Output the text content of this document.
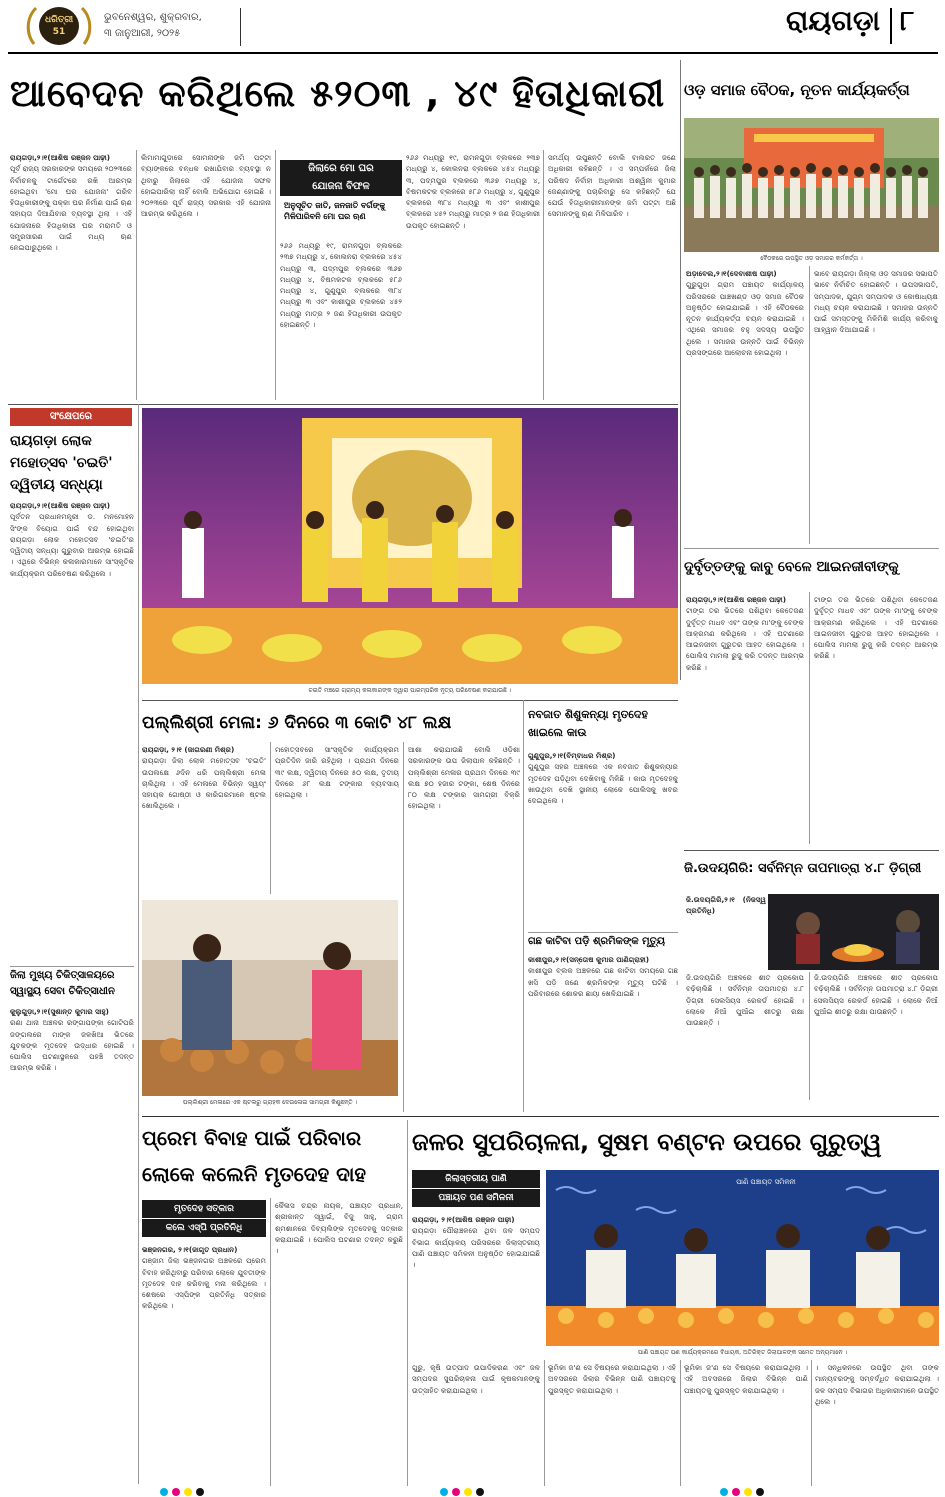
ଧରିତ୍ରୀ 51
ଭୁବନେଶ୍ୱର, ଶୁକ୍ରବାର,
୩ ଜାନୁଆରୀ, ୨୦୨୫	ରାୟଗଡ଼ା ୮
ଆବେଦନ କରିଥିଲେ ୫୨୦୩ , ୪୯ ହିତାଧିକାରୀ
ରାୟଗଡ଼ା,୨।୧(ଆଶିଷ ରଞ୍ଜନ ପାଢ଼ୀ)
ପୂର୍ବ ରାଜ୍ୟ ସରକାରଙ୍କ ସମୟରେ ୨୦୨୩ରେ ନିର୍ବାଚନକୁ ଟାର୍ଗେଟରେ ରଖି ଆରମ୍ଭ ହୋଇଥିବା 'ମୋ ଘର ଯୋଜନା' ଗରିବ ହିତାଧିକାରୀଙ୍କୁ ପକ୍କା ଘର ନିର୍ମାଣ ପାଇଁ ଋଣ ସହାୟତା ଦିଆଯିବାର ବ୍ୟବସ୍ଥା ଥିଲା । ଏହି ଯୋଜନାରେ ହିତାଧିକାରୀ ଘର ମରାମତି ଓ ସମ୍ପ୍ରସାରଣ ପାଇଁ ମଧ୍ୟ ଋଣ ନେଇପାରୁଥିଲେ ।
ଲିମାମାଗୁଡ଼ାରେ ସୋମନାଙ୍କ ଜମି ପଟ୍ଟା ବ୍ୟାଙ୍କରେ ବନ୍ଧକ ରଖାଯିବାର ବ୍ୟବସ୍ଥା ନ ଥିବାରୁ ଜିଲାରେ ଏହି ଯୋଜନା ସଫଳ ହୋଇପାରିଲା ନାହିଁ ବୋଲି ଅଭିଯୋଗ ହୋଇଛି । ୨୦୨୩ରେ ପୂର୍ବ ରାଜ୍ୟ ସରକାର ଏହି ଯୋଜନା ଆରମ୍ଭ କରିଥିଲେ ।
ଜିଲାରେ ମୋ ଘର
ଯୋଜନା ବିଫଳ
ଅନୁସୂଚିତ ଜାତି, ଜନଜାତି ବର୍ଗଙ୍କୁ ମିଳିପାରିବନି ମୋ ଘର ଋଣ
୨୬୬ ମଧ୍ୟରୁ ୧୯, ରାମନଗୁଡ଼ା ବ୍ଲକରେ ୨୩୭ ମଧ୍ୟରୁ ୪, କୋଲନରା ବ୍ଲକରେ ୪୫୪ ମଧ୍ୟରୁ ୩, ପଦ୍ମପୁର ବ୍ଲକରେ ୩୬୭ ମଧ୍ୟରୁ ୪, ବିଷମକଟକ ବ୍ଲକରେ ୫୮୬ ମଧ୍ୟରୁ ୪, ଗୁଣୁପୁର ବ୍ଲକରେ ୩୮୪ ମଧ୍ୟରୁ ୩ ଏବଂ କାଶୀପୁର ବ୍ଲକରେ ୪୫୨ ମଧ୍ୟରୁ ମାତ୍ର ୨ ଜଣ ହିତାଧିକାରୀ ଉପକୃତ ହୋଇଛନ୍ତି ।
୨୬୬ ମଧ୍ୟରୁ ୧୯, ରାମନଗୁଡ଼ା ବ୍ଲକରେ ୨୩୭ ମଧ୍ୟରୁ ୪, କୋଲନରା ବ୍ଲକରେ ୪୫୪ ମଧ୍ୟରୁ ୩, ପଦ୍ମପୁର ବ୍ଲକରେ ୩୬୭ ମଧ୍ୟରୁ ୪, ବିଷମକଟକ ବ୍ଲକରେ ୫୮୬ ମଧ୍ୟରୁ ୪, ଗୁଣୁପୁର ବ୍ଲକରେ ୩୮୪ ମଧ୍ୟରୁ ୩ ଏବଂ କାଶୀପୁର ବ୍ଲକରେ ୪୫୨ ମଧ୍ୟରୁ ମାତ୍ର ୨ ଜଣ ହିତାଧିକାରୀ ଉପକୃତ ହୋଇଛନ୍ତି ।
ସମର୍ଥ୍ୟ ଉପୁଛନ୍ତି ବୋଲି ବାଲରତ ଜଣେ ଅଧିକାରୀ କହିଛନ୍ତି । ଏ ସମ୍ପର୍କରେ ଜିଲା ପରିଷଦ ନିର୍ବାହୀ ଅଧିକାରୀ ଅଶ୍ୱିନୀ କୁମାର ଜେଣ୍ଣାଙ୍କୁ ପଚାରିବାରୁ ସେ କହିଛନ୍ତି ଯେ ଯେଉଁ ହିତାଧିକାରୀମାନଙ୍କ ଜମି ପଟ୍ଟା ଅଛି ସେମାନଙ୍କୁ ଋଣ ମିଳିପାରିବ ।
ଓଡ଼ ସମାଜ ବୈଠକ, ନୂତନ କାର୍ଯ୍ୟକର୍ତ୍ତା
ବୈଠକରେ ଉପସ୍ଥିତ ଓଡ଼ ସମାଜର କର୍ମକର୍ତ୍ତା ।
ଅଡ଼ାବେଲ,୨।୧(ଦେବାଶୀଷ ପାଢ଼ୀ)
ଗୁରୁଗୁଡ଼ା ଗ୍ରାମ ପଞ୍ଚାୟତ କାର୍ଯ୍ୟାଳୟ ପରିସରରେ ପାଞ୍ଚଖଣ୍ଡ ଓଡ଼ ସମାଜ ବୈଠକ ଅନୁଷ୍ଠିତ ହୋଇଯାଇଛି । ଏହି ବୈଠକରେ ନୂତନ କାର୍ଯ୍ୟକର୍ତ୍ତା ଚୟନ କରାଯାଇଛି । ଏଥିରେ ସମାଜର ବହୁ ସଦସ୍ୟ ଉପସ୍ଥିତ ଥିଲେ । ସମାଜର ଉନ୍ନତି ପାଇଁ ବିଭିନ୍ନ ପ୍ରସଙ୍ଗରେ ଆଲୋଚନା ହୋଇଥିଲା ।
ଭାବେ ରାୟଗଡ଼ା ଜିଲ୍ଲା ଓଡ଼ ସମାଜର ସଭାପତି ଭାବେ ନିର୍ବାଚିତ ହୋଇଛନ୍ତି । ଉପସଭାପତି, ସମ୍ପାଦକ, ଯୁଗ୍ମ ସମ୍ପାଦକ ଓ କୋଷାଧ୍ୟକ୍ଷ ମଧ୍ୟ ଚୟନ କରାଯାଇଛି । ସମାଜର ଉନ୍ନତି ପାଇଁ ସମସ୍ତଙ୍କୁ ମିଳିମିଶି କାର୍ଯ୍ୟ କରିବାକୁ ଆହ୍ୱାନ ଦିଆଯାଇଛି ।
ସଂକ୍ଷେପରେ
ରାୟଗଡ଼ା ଲୋକ ମହୋତ୍ସବ 'ଚଇତି' ଦ୍ୱିତୀୟ ସନ୍ଧ୍ୟା
ରାୟଗଡ଼ା,୨।୧(ଆଶିଷ ରଞ୍ଜନ ପାଢ଼ୀ)
ପୂର୍ବତନ ପ୍ରଧାନମନ୍ତ୍ରୀ ଡ. ମନମୋହନ ସିଂଙ୍କ ବିୟୋଗ ପାଇଁ ବନ୍ଦ ହୋଇଥିବା ରାୟଗଡ଼ା ଲୋକ ମହୋତ୍ସବ 'ଚଇତି'ର ଦ୍ୱିତୀୟ ସନ୍ଧ୍ୟା ଗୁରୁବାର ଆରମ୍ଭ ହୋଇଛି । ଏଥିରେ ବିଭିନ୍ନ କଳାକାରମାନେ ସାଂସ୍କୃତିକ କାର୍ଯ୍ୟକ୍ରମ ପରିବେଷଣ କରିଥିଲେ ।
ଜିଲା ମୁଖ୍ୟ ଚିକିତ୍ସାଳୟରେ ସ୍ୱାସ୍ଥ୍ୟ ସେବା ଚିକିତ୍ସାଧୀନ
କୁଲୁଗୁଡ଼ା,୨।୧(ସୁଶାନ୍ତ କୁମାର ସାହୁ)
ରଣା ଥାନା ଅଞ୍ଚଳର ରଙ୍ଗାପଙ୍କା ଗୋଟିପରି ଜଙ୍ଗଲରେ ମାଙ୍କ ଜଳଖିଆ ଭିତରେ ଯୁବକଙ୍କ ମୃତଦେହ ଉଦ୍ଧାର ହୋଇଛି । ପୋଲିସ ଘଟଣାସ୍ଥଳରେ ପହଞ୍ଚି ତଦନ୍ତ ଆରମ୍ଭ କରିଛି ।
ଚଇତି ମଞ୍ଚରେ ଗ୍ରାମ୍ୟ କଳାକାରଙ୍କ ଦ୍ୱାରା ପାରମ୍ପରିକ ନୃତ୍ୟ ପରିବେଷଣ କରାଯାଉଛି ।
ଦୁର୍ବୃତ୍ତଙ୍କୁ କାବୁ ବେଳେ ଆଇନଜୀବୀଙ୍କୁ
ରାୟଗଡ଼ା,୨।୧(ଆଶିଷ ରଞ୍ଜନ ପାଢ଼ୀ)
ଟାଙ୍ଗ ତର ଭିତରେ ପଶିଥିବା କେତେଜଣ ଦୁର୍ବୃତ୍ତ ମାଧବ ଏବଂ ତାଙ୍କ ମା'ଙ୍କୁ ବେଙ୍କ ଆକ୍ରମଣ କରିଥିଲେ । ଏହି ଘଟଣାରେ ଆଇନଜୀବୀ ଗୁରୁତର ଆହତ ହୋଇଥିଲେ । ପୋଲିସ ମାମଲା ରୁଜୁ କରି ତଦନ୍ତ ଆରମ୍ଭ କରିଛି ।
ଟାଙ୍ଗ ତର ଭିତରେ ପଶିଥିବା କେତେଜଣ ଦୁର୍ବୃତ୍ତ ମାଧବ ଏବଂ ତାଙ୍କ ମା'ଙ୍କୁ ବେଙ୍କ ଆକ୍ରମଣ କରିଥିଲେ । ଏହି ଘଟଣାରେ ଆଇନଜୀବୀ ଗୁରୁତର ଆହତ ହୋଇଥିଲେ । ପୋଲିସ ମାମଲା ରୁଜୁ କରି ତଦନ୍ତ ଆରମ୍ଭ କରିଛି ।
ପଲ୍ଲିଶ୍ରୀ ମେଳା: ୬ ଦିନରେ ୩ କୋଟି ୪୮ ଲକ୍ଷ
ରାୟଗଡ଼ା, ୨।୧ (ଜାଗରଣୀ ମିଶ୍ର)
ରାୟଗଡ଼ା ଜିଲା ଲୋକ ମହୋତ୍ସବ 'ଚଇତି' ଉପଲକ୍ଷେ ୬ଦିନ ଧରି ପଲ୍ଲିଶ୍ରୀ ମେଳା ଚାଲିଥିଲା । ଏହି ମେଳାରେ ବିଭିନ୍ନ ସ୍ୱୟଂ ସହାୟକ ଗୋଷ୍ଠୀ ଓ କାରିଗରମାନେ ଷ୍ଟଲ ଖୋଲିଥିଲେ ।
ମହୋତ୍ସବରେ ସାଂସ୍କୃତିକ କାର୍ଯ୍ୟକ୍ରମ ପ୍ରତିଦିନ ଜାରି ରହିଥିଲା । ପ୍ରଥମ ଦିନରେ ୩୯ ଲକ୍ଷ, ଦ୍ୱିତୀୟ ଦିନରେ ୫୦ ଲକ୍ଷ, ତୃତୀୟ ଦିନରେ ୬୮ ଲକ୍ଷ ଟଙ୍କାର ବ୍ୟବସାୟ ହୋଇଥିଲା ।
ଆଶା କରାଯାଉଛି ବୋଲି ଓଡ଼ିଶା ସରକାରଙ୍କ ଉପ ଜିଲାପାଳ କହିଛନ୍ତି । ପଲ୍ଲିଶ୍ରୀ ମେଳାର ପ୍ରଥମ ଦିନରେ ୩୯ ଲକ୍ଷ ୭୦ ହଜାର ଟଙ୍କା, ଶେଷ ଦିନରେ ୮୦ ଲକ୍ଷ ଟଙ୍କାର ସାମଗ୍ରୀ ବିକ୍ରି ହୋଇଥିଲା ।
ପଲ୍ଲିଶ୍ରୀ ମେଳାରେ ଏକ ଷ୍ଟଲରୁ ଗ୍ରାହକ ଦେଉଳୋଇ ସାମଗ୍ରୀ କିଣୁଛନ୍ତି ।
ନବଜାତ ଶିଶୁକନ୍ୟା ମୃତଦେହ ଖାଇଲେ କାଉ
ଗୁଣୁପୁର,୨।୧(ବିମ୍ବାଧର ମିଶ୍ର)
ଗୁଣୁପୁର ସହର ଅଞ୍ଚଳରେ ଏକ ନବଜାତ ଶିଶୁକନ୍ୟାର ମୃତଦେହ ପଡ଼ିଥିବା ଦେଖିବାକୁ ମିଳିଛି । କାଉ ମୃତଦେହକୁ ଖାଉଥିବା ଦେଖି ସ୍ଥାନୀୟ ଲୋକେ ପୋଲିସକୁ ଖବର ଦେଇଥିଲେ ।
ଗଛ କାଟିବା ପଡ଼ି ଶ୍ରମିକଙ୍କ ମୃତ୍ୟୁ
କାଶୀପୁର,୨।୧(ସନ୍ତୋଷ କୁମାର ପାଣିଗ୍ରାହୀ)
କାଶୀପୁର ବ୍ଲକ ଅଞ୍ଚଳରେ ଗଛ କାଟିବା ସମୟରେ ଗଛ ଖସି ପଡ଼ି ଜଣେ ଶ୍ରମିକଙ୍କ ମୃତ୍ୟୁ ଘଟିଛି । ପରିବାରରେ ଶୋକର ଛାୟା ଖେଳିଯାଇଛି ।
ଜି.ଉଦୟଗିରି: ସର୍ବନିମ୍ନ ତାପମାତ୍ରା ୪.୮ ଡ଼ିଗ୍ରୀ
ଜି.ଉଦୟଗିରି,୨।୧ (ନିଜସ୍ୱ ପ୍ରତିନିଧି)
ଜି.ଉଦୟଗିରି ଅଞ୍ଚଳରେ ଶୀତ ପ୍ରକୋପ ବଢ଼ିଚାଲିଛି । ସର୍ବନିମ୍ନ ତାପମାତ୍ରା ୪.୮ ଡ଼ିଗ୍ରୀ ସେଲସିୟସ ରେକର୍ଡ ହୋଇଛି । ଲୋକେ ନିଆଁ ପୁଆଁଇ ଶୀତରୁ ରକ୍ଷା ପାଉଛନ୍ତି ।
ଜି.ଉଦୟଗିରି ଅଞ୍ଚଳରେ ଶୀତ ପ୍ରକୋପ ବଢ଼ିଚାଲିଛି । ସର୍ବନିମ୍ନ ତାପମାତ୍ରା ୪.୮ ଡ଼ିଗ୍ରୀ ସେଲସିୟସ ରେକର୍ଡ ହୋଇଛି । ଲୋକେ ନିଆଁ ପୁଆଁଇ ଶୀତରୁ ରକ୍ଷା ପାଉଛନ୍ତି ।
ପ୍ରେମ ବିବାହ ପାଇଁ ପରିବାର ଲୋକେ କଲେନି ମୃତଦେହ ଦାହ
ମୃତଦେହ ସତ୍କାର
କଲେ ଏସ୍‌ପି ପ୍ରତିନିଧି
ଭଞ୍ଜନଗର, ୨।୧(ଜାଗୃତ ପ୍ରଧାନ)
ଗଞ୍ଜାମ ଜିଲା ଭଞ୍ଜନଗର ଅଞ୍ଚଳରେ ପ୍ରେମ ବିବାହ କରିଥିବାରୁ ପରିବାର ଲୋକେ ଯୁବତୀଙ୍କ ମୃତଦେହ ଦାହ କରିବାକୁ ମନା କରିଥିଲେ । ଶେଷରେ ଏସ୍‌ପିଙ୍କ ପ୍ରତିନିଧି ସତ୍କାର କରିଥିଲେ ।
କୈଳାସ ଚନ୍ଦ୍ର ନାୟକ, ପଞ୍ଚାୟତ ପ୍ରଧାନ, ଶ୍ରୀକାନ୍ତ ସ୍ୱାଇଁ, ବିଜୁ ସାହୁ, ଗ୍ରାମ ଶ୍ମଶାନରେ ଦିବ୍ୟଲିଙ୍କ ମୃତଦେହକୁ ସତ୍କାର କରାଯାଇଛି । ପୋଲିସ ଘଟଣାର ତଦନ୍ତ କରୁଛି ।
ଜଳର ସୁପରିଚାଳନା, ସୁଷମ ବଣ୍ଟନ ଉପରେ ଗୁରୁତ୍ୱ
ଜିଲାସ୍ତରୀୟ ପାଣି
ପଞ୍ଚାୟତ ପଣ ସମିଳନୀ
ରାୟଗଡ଼ା, ୨।୧(ଆଶିଷ ରଞ୍ଜନ ପାଢ଼ୀ)
ରାୟଗଡ଼ା ପୌରାଞ୍ଚଳରେ ଥିବା ଜଳ ସମ୍ପଦ ବିଭାଗ କାର୍ଯ୍ୟାଳୟ ପରିସରରେ ଜିଲାସ୍ତରୀୟ ପାଣି ପଞ୍ଚାୟତ ସମିଳନୀ ଅନୁଷ୍ଠିତ ହୋଇଯାଇଛି ।
ପାଣି ପଞ୍ଚାୟତ ସମିଳନୀ
ପାଣି ପଞ୍ଚାୟତ ପଣ କାର୍ଯ୍ୟକ୍ରମରେ ବିଧାୟକ, ଅତିରିକ୍ତ ଜିଲାପାଳଙ୍କ ସମେତ ଅନ୍ୟମାନେ ।
ଗୁରୁ, କୃଷି ଉତ୍ପାଦ ଉପାଦିକରଣ ଏବଂ ଜଳ ସମ୍ପଦର ସୁପରିଚାଳନା ପାଇଁ କୃଷକମାନଙ୍କୁ ଉତ୍ସାହିତ କରାଯାଇଥିଲା ।
ଭୂମିକା ଜ'ଣ ସେ ବିଷୟରେ କରାଯାଇଥିଲା । ଏହି ଅବସରରେ ଜିଲାର ବିଭିନ୍ନ ପାଣି ପଞ୍ଚାୟତକୁ ପୁରସ୍କୃତ କରାଯାଇଥିଲା ।
ଭୂମିକା ଜ'ଣ ସେ ବିଷୟରେ କରାଯାଇଥିଲା । ଏହି ଅବସରରେ ଜିଲାର ବିଭିନ୍ନ ପାଣି ପଞ୍ଚାୟତକୁ ପୁରସ୍କୃତ କରାଯାଇଥିଲା ।
। ସନ୍ଧିକନରେ ଉପସ୍ଥିତ ଥିବା ତାଙ୍କ ମାନ୍ୟବରଙ୍କୁ ସମ୍ବର୍ଦ୍ଧିତ କରାଯାଇଥିଲା । ଜଳ ସମ୍ପଦ ବିଭାଗର ଅଧିକାରୀମାନେ ଉପସ୍ଥିତ ଥିଲେ ।
